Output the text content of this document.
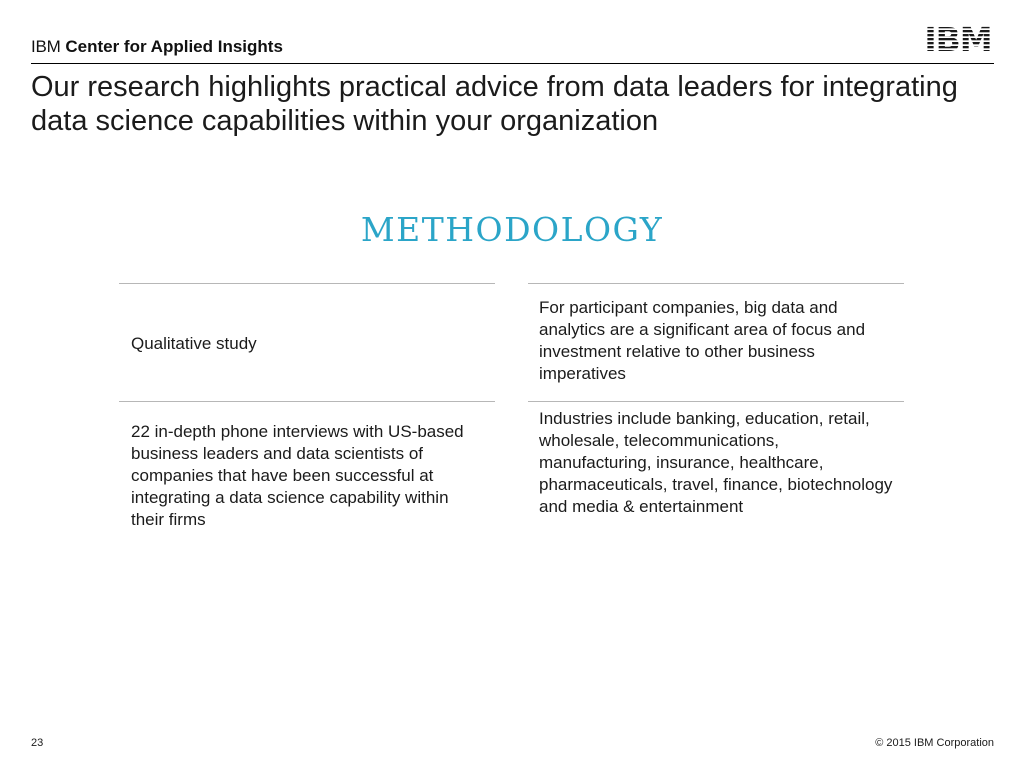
IBM Center for Applied Insights	IBM
Our research highlights practical advice from data leaders for integrating data science capabilities within your organization
METHODOLOGY
Qualitative study
22 in-depth phone interviews with US-based business leaders and data scientists of companies that have been successful at integrating a data science capability within their firms
For participant companies, big data and analytics are a significant area of focus and investment relative to other business imperatives
Industries include banking, education, retail, wholesale, telecommunications, manufacturing, insurance, healthcare, pharmaceuticals, travel, finance, biotechnology and media & entertainment
23	© 2015 IBM Corporation
